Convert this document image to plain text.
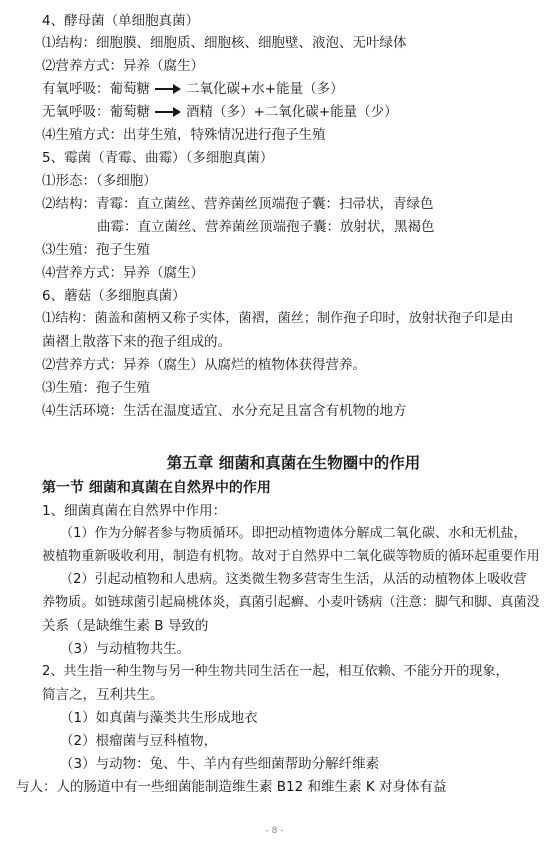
4、酵母菌（单细胞真菌）
⑴结构：细胞膜、细胞质、细胞核、细胞壁、液泡、无叶绿体
⑵营养方式：异养（腐生）
有氧呼吸：葡萄糖	二氧化碳+水+能量（多）
无氧呼吸：葡萄糖	酒精（多）+二氧化碳+能量（少）
⑷生殖方式：出芽生殖，特殊情况进行孢子生殖
5、霉菌（青霉、曲霉）（多细胞真菌）
⑴形态：（多细胞）
⑵结构：青霉：直立菌丝、营养菌丝顶端孢子囊：扫帚状，青绿色
曲霉：直立菌丝、营养菌丝顶端孢子囊：放射状，黑褐色
⑶生殖：孢子生殖
⑷营养方式：异养（腐生）
6、蘑菇（多细胞真菌）
⑴结构：菌盖和菌柄又称子实体，菌褶，菌丝；制作孢子印时，放射状孢子印是由
菌褶上散落下来的孢子组成的。
⑵营养方式：异养（腐生）从腐烂的植物体获得营养。
⑶生殖：孢子生殖
⑷生活环境：生活在温度适宜、水分充足且富含有机物的地方
第五章 细菌和真菌在生物圈中的作用
第一节 细菌和真菌在自然界中的作用
1、细菌真菌在自然界中作用：
（1）作为分解者参与物质循环。即把动植物遗体分解成二氧化碳、水和无机盐，
被植物重新吸收利用，制造有机物。故对于自然界中二氧化碳等物质的循环起重要作用
（2）引起动植物和人患病。这类微生物多营寄生生活，从活的动植物体上吸收营
养物质。如链球菌引起扁桃体炎，真菌引起癣、小麦叶锈病（注意：脚气和脚、真菌没
关系（是缺维生素 B 导致的
（3）与动植物共生。
2、共生指一种生物与另一种生物共同生活在一起，相互依赖、不能分开的现象，
简言之，互利共生。
（1）如真菌与藻类共生形成地衣
（2）根瘤菌与豆科植物，
（3）与动物：兔、牛、羊内有些细菌帮助分解纤维素
与人：人的肠道中有一些细菌能制造维生素 B12 和维生素 K 对身体有益
- 8 -
